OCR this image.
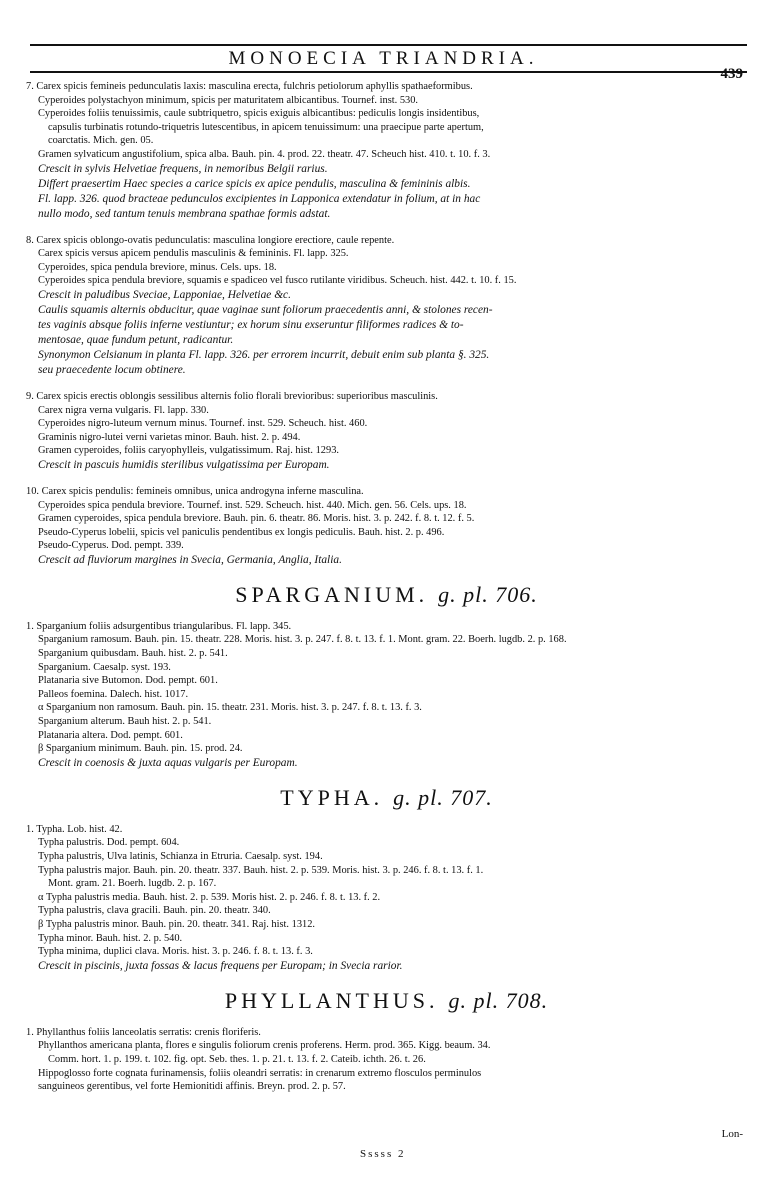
MONOECIA TRIANDRIA.
439
7. Carex spicis femineis pedunculatis laxis: masculina erecta, fulchris petiolorum aphyllis spathaeformibus.
Cyperoides polystachyon minimum, spicis per maturitatem albicantibus. Tournef. inst. 530.
Cyperoides foliis tenuissimis, caule subtriquetro, spicis exiguis albicantibus: pediculis longis insidentibus,
capsulis turbinatis rotundo-triquetris lutescentibus, in apicem tenuissimum: una praecipue parte apertum,
coarctatis. Mich. gen. 05.
Gramen sylvaticum angustifolium, spica alba. Bauh. pin. 4. prod. 22. theatr. 47. Scheuch hist. 410. t. 10. f. 3.
Crescit in sylvis Helvetiae frequens, in nemoribus Belgii rarius.
Differt praesertim Haec species a carice spicis ex apice pendulis, masculina & femininis albis.
Fl. lapp. 326. quod bracteae pedunculos excipientes in Lapponica extendatur in folium, at in hac
nullo modo, sed tantum tenuis membrana spathae formis adstat.
8. Carex spicis oblongo-ovatis pedunculatis: masculina longiore erectiore, caule repente.
Carex spicis versus apicem pendulis masculinis & femininis. Fl. lapp. 325.
Cyperoides, spica pendula breviore, minus. Cels. ups. 18.
Cyperoides spica pendula breviore, squamis e spadiceo vel fusco rutilante viridibus. Scheuch. hist. 442. t. 10. f. 15.
Crescit in paludibus Sveciae, Lapponiae, Helvetiae &c.
Caulis squamis alternis obducitur, quae vaginae sunt foliorum praecedentis anni, & stolones recen-
tes vaginis absque foliis inferne vestiuntur; ex horum sinu exseruntur filiformes radices & to-
mentosae, quae fundum petunt, radicantur.
Synonymon Celsianum in planta Fl. lapp. 326. per errorem incurrit, debuit enim sub planta §. 325.
seu praecedente locum obtinere.
9. Carex spicis erectis oblongis sessilibus alternis folio florali brevioribus: superioribus masculinis.
Carex nigra verna vulgaris. Fl. lapp. 330.
Cyperoides nigro-luteum vernum minus. Tournef. inst. 529. Scheuch. hist. 460.
Graminis nigro-lutei verni varietas minor. Bauh. hist. 2. p. 494.
Gramen cyperoides, foliis caryophylleis, vulgatissimum. Raj. hist. 1293.
Crescit in pascuis humidis sterilibus vulgatissima per Europam.
10. Carex spicis pendulis: femineis omnibus, unica androgyna inferne masculina.
Cyperoides spica pendula breviore. Tournef. inst. 529. Scheuch. hist. 440. Mich. gen. 56. Cels. ups. 18.
Gramen cyperoides, spica pendula breviore. Bauh. pin. 6. theatr. 86. Moris. hist. 3. p. 242. f. 8. t. 12. f. 5.
Pseudo-Cyperus lobelii, spicis vel paniculis pendentibus ex longis pediculis. Bauh. hist. 2. p. 496.
Pseudo-Cyperus. Dod. pempt. 339.
Crescit ad fluviorum margines in Svecia, Germania, Anglia, Italia.
SPARGANIUM. g. pl. 706.
1. Sparganium foliis adsurgentibus triangularibus. Fl. lapp. 345.
Sparganium ramosum. Bauh. pin. 15. theatr. 228. Moris. hist. 3. p. 247. f. 8. t. 13. f. 1. Mont. gram. 22. Boerh. lugdb. 2. p. 168.
Sparganium quibusdam. Bauh. hist. 2. p. 541.
Sparganium. Caesalp. syst. 193.
Platanaria sive Butomon. Dod. pempt. 601.
Palleos foemina. Dalech. hist. 1017.
α Sparganium non ramosum. Bauh. pin. 15. theatr. 231. Moris. hist. 3. p. 247. f. 8. t. 13. f. 3.
Sparganium alterum. Bauh hist. 2. p. 541.
Platanaria altera. Dod. pempt. 601.
β Sparganium minimum. Bauh. pin. 15. prod. 24.
Crescit in coenosis & juxta aquas vulgaris per Europam.
TYPHA. g. pl. 707.
1. Typha. Lob. hist. 42.
Typha palustris. Dod. pempt. 604.
Typha palustris, Ulva latinis, Schianza in Etruria. Caesalp. syst. 194.
Typha palustris major. Bauh. pin. 20. theatr. 337. Bauh. hist. 2. p. 539. Moris. hist. 3. p. 246. f. 8. t. 13. f. 1.
Mont. gram. 21. Boerh. lugdb. 2. p. 167.
α Typha palustris media. Bauh. hist. 2. p. 539. Moris hist. 2. p. 246. f. 8. t. 13. f. 2.
Typha palustris, clava gracili. Bauh. pin. 20. theatr. 340.
β Typha palustris minor. Bauh. pin. 20. theatr. 341. Raj. hist. 1312.
Typha minor. Bauh. hist. 2. p. 540.
Typha minima, duplici clava. Moris. hist. 3. p. 246. f. 8. t. 13. f. 3.
Crescit in piscinis, juxta fossas & lacus frequens per Europam; in Svecia rarior.
PHYLLANTHUS. g. pl. 708.
1. Phyllanthus foliis lanceolatis serratis: crenis floriferis.
Phyllanthos americana planta, flores e singulis foliorum crenis proferens. Herm. prod. 365. Kigg. beaum. 34.
Comm. hort. 1. p. 199. t. 102. fig. opt. Seb. thes. 1. p. 21. t. 13. f. 2. Cateib. ichth. 26. t. 26.
Hippoglosso forte cognata furinamensis, foliis oleandri serratis: in crenarum extremo flosculos perminulos
sanguineos gerentibus, vel forte Hemionitidi affinis. Breyn. prod. 2. p. 57.
Lon-
Sssss 2
